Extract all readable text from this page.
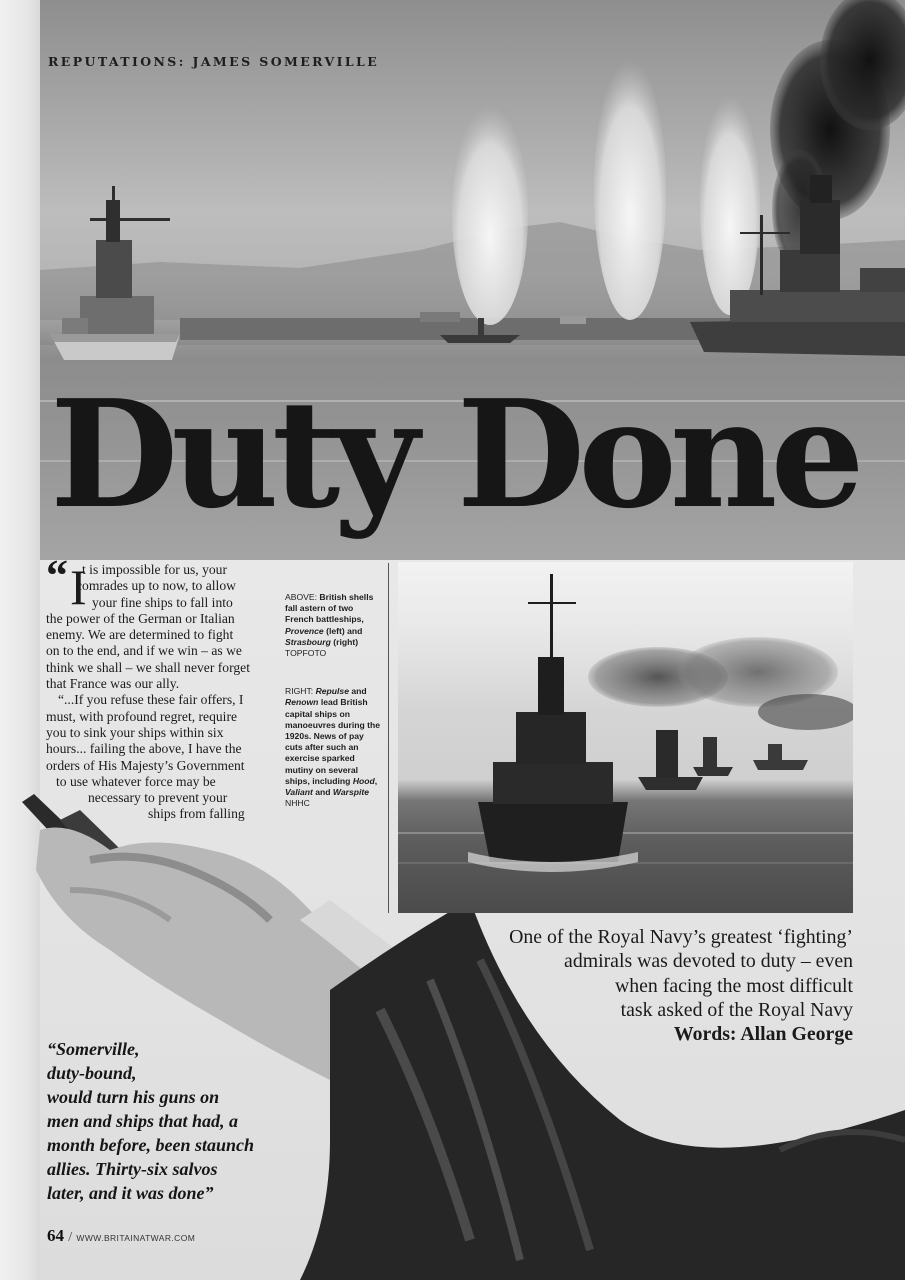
REPUTATIONS: JAMES SOMERVILLE
Duty Done
“ I
t is impossible for us, your
comrades up to now, to allow
your fine ships to fall into
the power of the German or Italian
enemy. We are determined to fight
on to the end, and if we win – as we
think we shall – we shall never forget
that France was our ally.
“...If you refuse these fair offers, I
must, with profound regret, require
you to sink your ships within six
hours... failing the above, I have the
orders of His Majesty’s Government
to use whatever force may be
necessary to prevent your
ships from falling
ABOVE: British shells fall astern of two French battleships, Provence (left) and Strasbourg (right)
TOPFOTO
RIGHT: Repulse and Renown lead British capital ships on manoeuvres during the 1920s. News of pay cuts after such an exercise sparked mutiny on several ships, including Hood, Valiant and Warspite
NHHC
One of the Royal Navy’s greatest ‘fighting’
admirals was devoted to duty – even
when facing the most difficult
task asked of the Royal Navy
Words: Allan George
“Somerville,
duty-bound,
would turn his guns on
men and ships that had, a
month before, been staunch
allies. Thirty-six salvos
later, and it was done”
64 / WWW.BRITAINATWAR.COM
